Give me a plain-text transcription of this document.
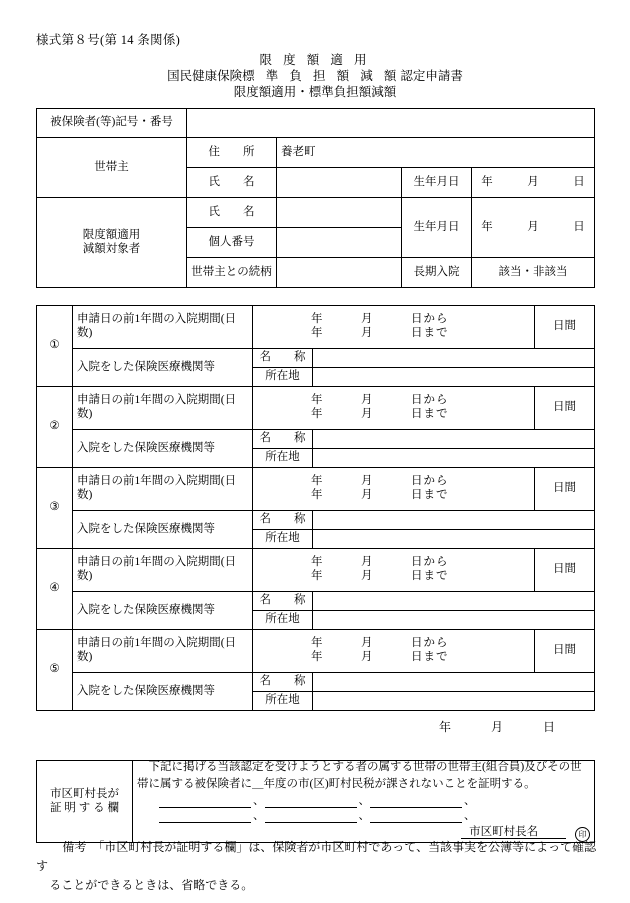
様式第８号(第 14 条関係)
限 度 額 適 用
国民健康保険標 準 負 担 額 減 額認定申請書
限度額適用・標準負担額減額
被保険者(等)記号・番号				
世帯主	住　　所	養老町		
	氏　　名		生年月日	年　　　月　　　日
限度額適用
減額対象者	氏　　名		生年月日	年　　　月　　　日
	個人番号			
	世帯主との続柄		長期入院	該当・非該当
①	申請日の前1年間の入院期間(日数)	年　　　月　　　日から
年　　　月　　　日まで		日間
	入院をした保険医療機関等	名　　称		
		所在地		
②	申請日の前1年間の入院期間(日数)	年　　　月　　　日から
年　　　月　　　日まで		日間
	入院をした保険医療機関等	名　　称		
		所在地		
③	申請日の前1年間の入院期間(日数)	年　　　月　　　日から
年　　　月　　　日まで		日間
	入院をした保険医療機関等	名　　称		
		所在地		
④	申請日の前1年間の入院期間(日数)	年　　　月　　　日から
年　　　月　　　日まで		日間
	入院をした保険医療機関等	名　　称		
		所在地		
⑤	申請日の前1年間の入院期間(日数)	年　　　月　　　日から
年　　　月　　　日まで		日間
	入院をした保険医療機関等	名　　称		
		所在地		
年　　　月　　　日
市区町村長が
証 明 す る 欄	

下記に掲げる当該認定を受けようとする者の属する世帯の世帯主(組合員)及びその世

帯に属する被保険者に＿年度の市(区)町村民税が課されないことを証明する。

、	、	、
、	、	、
市区町村長名	印
備考　 「市区町村長が証明する欄」は、保険者が市区町村であって、当該事実を公簿等によって確認す
ることができるときは、省略できる。
